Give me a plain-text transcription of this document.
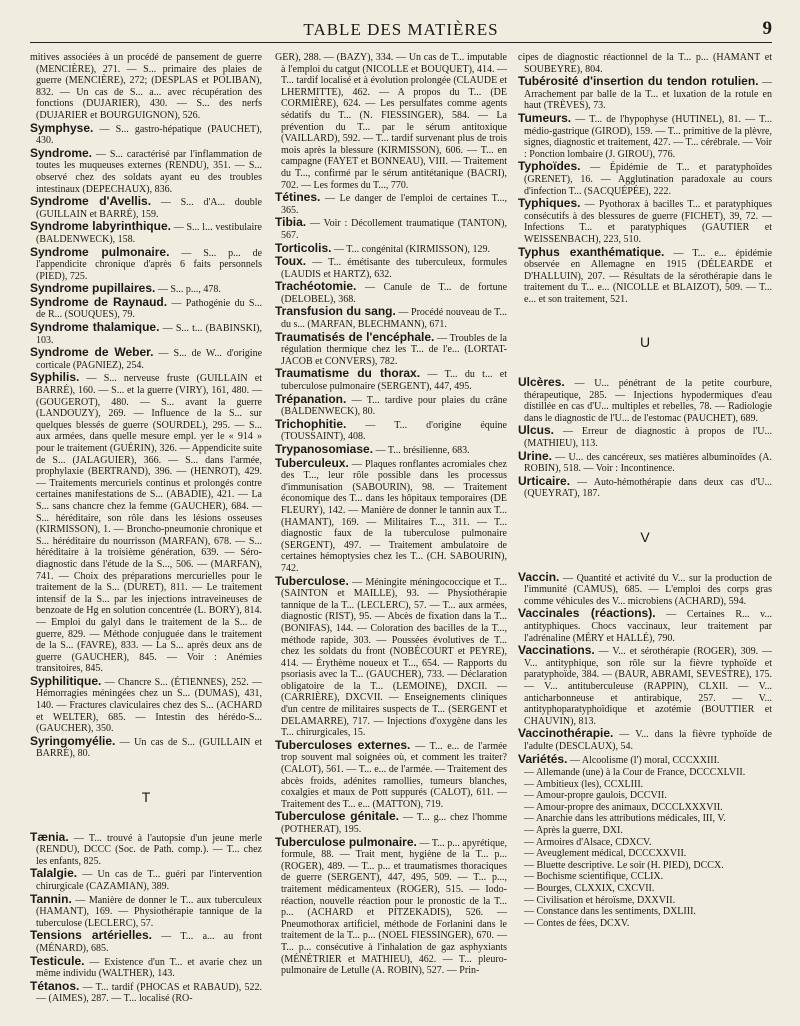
TABLE DES MATIÈRES	9

mitives associées à un procédé de pansement de guerre (MENCIÈRE), 271. — S... primaire des plaies de guerre (MENCIÈRE), 272; (DESPLAS et POLIBAN), 832. — Un cas de S... a... avec récupération des fonctions (DUJARIER), 430. — S... des nerfs (DUJARIER et BOURGUIGNON), 526.

Symphyse. — S... gastro-hépatique (PAUCHET), 430.

Syndrome. — S... caractérisé par l'inflammation de toutes les muqueuses externes (RENDU), 351. — S... observé chez des soldats ayant eu des troubles intestinaux (DEPECHAUX), 836.

Syndrome d'Avellis. — S... d'A... double (GUILLAIN et BARRÉ), 159.

Syndrome labyrinthique. — S... l... vestibulaire (BALDENWECK), 158.

Syndrome pulmonaire. — S... p... de l'appendicite chronique d'après 6 faits personnels (PIED), 725.

Syndrome pupillaires. — S... p..., 478.

Syndrome de Raynaud. — Pathogénie du S... de R... (SOUQUES), 79.

Syndrome thalamique. — S... t... (BABINSKI), 103.

Syndrome de Weber. — S... de W... d'origine corticale (PAGNIEZ), 254.

Syphilis. — S... nerveuse fruste (GUILLAIN et BARRÉ), 160. — S... et la guerre (VIRY), 161, 480. — (GOUGEROT), 480. — S... avant la guerre (LANDOUZY), 269. — Influence de la S... sur quelques blessés de guerre (SOURDEL), 295. — S... aux armées, dans quelle mesure empl. yer le « 914 » pour le traitement (GUÉRIN), 326. — Appendicite suite de S... (JALAGUIER), 366. — S... dans l'armée, prophylaxie (BERTRAND), 396. — (HENROT), 429. — Traitements mercuriels continus et prolongés contre certaines manifestations de S... (ABADIE), 421. — La S... sans chancre chez la femme (GAUCHER), 684. — S... héréditaire, son rôle dans les lésions osseuses (KIRMISSON), 1. — Broncho-pneumonie chronique et S... héréditaire du nourrisson (MARFAN), 678. — S... héréditaire à la troisième génération, 639. — Séro-diagnostic dans l'étude de la S..., 506. — (MARFAN), 741. — Choix des préparations mercurielles pour le traitement de la S... (DURET), 811. — Le traitement intensif de la S... par les injections intraveineuses de benzoate de Hg en solution concentrée (L. BORY), 814. — Emploi du galyl dans le traitement de la S... de guerre, 829. — Méthode conjuguée dans le traitement de la S... (FAVRE), 833. — La S... après deux ans de guerre (GAUCHER), 845. — Voir : Anémies transitoires, 845.

Syphilitique. — Chancre S... (ÉTIENNES), 252. — Hémorragies méningées chez un S... (DUMAS), 431, 140. — Fractures claviculaires chez des S... (ACHARD et WELTER), 685. — Intestin des hérédo-S... (GAUCHER), 350.

Syringomyélie. — Un cas de S... (GUILLAIN et BARRÉ), 80.

T

Tænia. — T... trouvé à l'autopsie d'un jeune merle (RENDU), DCCC (Soc. de Path. comp.). — T... chez les enfants, 825.

Talalgie. — Un cas de T... guéri par l'intervention chirurgicale (CAZAMIAN), 389.

Tannin. — Manière de donner le T... aux tuberculeux (HAMANT), 169. — Physiothérapie tannique de la tuberculose (LECLERC), 57.

Tensions artérielles. — T... a... au front (MÉNARD), 685.

Testicule. — Existence d'un T... et avarie chez un même individu (WALTHER), 143.

Tétanos. — T... tardif (PHOCAS et RABAUD), 522. — (AIMES), 287. — T... localisé (RO-

GER), 288. — (BAZY), 334. — Un cas de T... imputable à l'emploi du catgut (NICOLLE et BOUQUET), 414. — T... tardif localisé et à évolution prolongée (CLAUDE et LHERMITTE), 462. — A propos du T... (DE CORMIÈRE), 624. — Les persulfates comme agents sédatifs du T... (N. FIESSINGER), 584. — La prévention du T... par le sérum antitoxique (VAILLARD), 592. — T... tardif survenant plus de trois mois après la blessure (KIRMISSON), 606. — T... en campagne (FAYET et BONNEAU), VIII. — Traitement du T..., confirmé par le sérum antitétanique (BACRI), 702. — Les formes du T..., 770.

Tétines. — Le danger de l'emploi de certaines T..., 365.

Tibia. — Voir : Décollement traumatique (TANTON), 567.

Torticolis. — T... congénital (KIRMISSON), 129.

Toux. — T... émétisante des tuberculeux, formules (LAUDIS et HARTZ), 632.

Trachéotomie. — Canule de T... de fortune (DELOBEL), 368.

Transfusion du sang. — Procédé nouveau de T... du s... (MARFAN, BLECHMANN), 671.

Traumatisés de l'encéphale. — Troubles de la régulation thermique chez les T... de l'e... (LORTAT-JACOB et CONVERS), 782.

Traumatisme du thorax. — T... du t... et tuberculose pulmonaire (SERGENT), 447, 495.

Trépanation. — T... tardive pour plaies du crâne (BALDENWECK), 80.

Trichophitie. — T... d'origine équine (TOUSSAINT), 408.

Trypanosomiase. — T... brésilienne, 683.

Tuberculeux. — Plaques ronflantes acromiales chez des T..., leur rôle possible dans les processus d'immunisation (SABOURIN), 98. — Traitement économique des T... dans les hôpitaux temporaires (DE FLEURY), 142. — Manière de donner le tannin aux T... (HAMANT), 169. — Militaires T..., 311. — T... diagnostic faux de la tuberculose pulmonaire (SERGENT), 497. — Traitement ambulatoire de certaines hémoptysies chez les T... (CH. SABOURIN), 742.

Tuberculose. — Méningite méningococcique et T... (SAINTON et MAILLE), 93. — Physiothérapie tannique de la T... (LECLERC), 57. — T... aux armées, diagnostic (RIST), 95. — Abcès de fixation dans la T... (BONIFAS), 144. — Coloration des bacilles de la T..., méthode rapide, 303. — Poussées évolutives de T... chez les soldats du front (NOBÉCOURT et PEYRE), 414. — Érythème noueux et T..., 654. — Rapports du psoriasis avec la T... (GAUCHER), 733. — Déclaration obligatoire de la T... (LEMOINE), DXCII. — (CARRIÈRE), DXCVII. — Enseignements cliniques d'un centre de militaires suspects de T... (SERGENT et DELAMARRE), 717. — Injections d'oxygène dans les T... chirurgicales, 15.

Tuberculoses externes. — T... e... de l'armée trop souvent mal soignées où, et comment les traiter? (CALOT), 561. — T... e... de l'armée. — Traitement des abcès froids, adénites ramollies, tumeurs blanches, coxalgies et maux de Pott suppurés (CALOT), 611. — Traitement des T... e... (MATTON), 719.

Tuberculose génitale. — T... g... chez l'homme (POTHERAT), 195.

Tuberculose pulmonaire. — T... p... apyrétique, formule, 88. — Trait ment, hygiène de la T... p... (ROGER), 489. — T... p... et traumatismes thoraciques de guerre (SERGENT), 447, 495, 509. — T... p..., traitement médicamenteux (ROGER), 515. — Iodo-réaction, nouvelle réaction pour le pronostic de la T... p... (ACHARD et PITZEKADIS), 526. — Pneumothorax artificiel, méthode de Forlanini dans le traitement de la T... p... (NOEL FIESSINGER), 670. — T... p... consécutive à l'inhalation de gaz asphyxiants (MÉNÉTRIER et MATHIEU), 462. — T... pleuro-pulmonaire de Letulle (A. ROBIN), 527. — Prin-

cipes de diagnostic réactionnel de la T... p... (HAMANT et SOUBEYRE), 804.

Tubérosité d'insertion du tendon rotulien. — Arrachement par balle de la T... et luxation de la rotule en haut (TRÈVES), 73.

Tumeurs. — T... de l'hypophyse (HUTINEL), 81. — T... médio-gastrique (GIROD), 159. — T... primitive de la plèvre, signes, diagnostic et traitement, 427. — T... cérébrale. — Voir : Ponction lombaire (J. GIROU), 776.

Typhoïdes. — Épidémie de T... et paratyphoïdes (GRENET), 16. — Agglutination paradoxale au cours d'infection T... (SACQUÉPÉE), 222.

Typhiques. — Pyothorax à bacilles T... et paratyphiques consécutifs à des blessures de guerre (FICHET), 39, 72. — Infections T... et paratyphiques (GAUTIER et WEISSENBACH), 223, 510.

Typhus exanthématique. — T... e... épidémie observée en Allemagne en 1915 (DÉLEARDE et D'HALLUIN), 207. — Résultats de la sérothérapie dans le traitement du T... e... (NICOLLE et BLAIZOT), 509. — T... e... et son traitement, 521.

U

Ulcères. — U... pénétrant de la petite courbure, thérapeutique, 285. — Injections hypodermiques d'eau distillée en cas d'U... multiples et rebelles, 78. — Radiologie dans le diagnostic de l'U... de l'estomac (PAUCHET), 689.

Ulcus. — Erreur de diagnostic à propos de l'U... (MATHIEU), 113.

Urine. — U... des cancéreux, ses matières albuminoïdes (A. ROBIN), 518. — Voir : Incontinence.

Urticaire. — Auto-hémothérapie dans deux cas d'U... (QUEYRAT), 187.

V

Vaccin. — Quantité et activité du V... sur la production de l'immunité (CAMUS), 685. — L'emploi des corps gras comme véhicules des V... microbiens (ACHARD), 594.

Vaccinales (réactions). — Certaines R... v... antityphiques. Chocs vaccinaux, leur traitement par l'adrénaline (MÉRY et HALLÉ), 790.

Vaccinations. — V... et sérothérapie (ROGER), 309. — V... antityphique, son rôle sur la fièvre typhoïde et paratyphoïde, 384. — (BAUR, ABRAMI, SEVESTRE), 175. — V... antituberculeuse (RAPPIN), CLXII. — V... anticharbonneuse et antirabique, 257. — V... antityphoparatyphoïdique et azotémie (BOUTTIER et CHAUVIN), 813.

Vaccinothérapie. — V... dans la fièvre typhoïde de l'adulte (DESCLAUX), 54.

Variétés. — Alcoolisme (l') moral, CCCXXIII.

— Allemande (une) à la Cour de France, DCCCXLVII.
— Ambitieux (les), CCXLIII.
— Amour-propre gaulois, DCCVII.
— Amour-propre des animaux, DCCCLXXXVII.
— Anarchie dans les attributions médicales, III, V.
— Après la guerre, DXI.
— Armoires d'Alsace, CDXCV.
— Aveuglement médical, DCCCXXVII.
— Bluette descriptive. Le soir (H. PIED), DCCX.
— Bochisme scientifique, CCLIX.
— Bourges, CLXXIX, CXCVII.
— Civilisation et héroïsme, DXXVII.
— Constance dans les sentiments, DXLIII.
— Contes de fées, DCXV.
